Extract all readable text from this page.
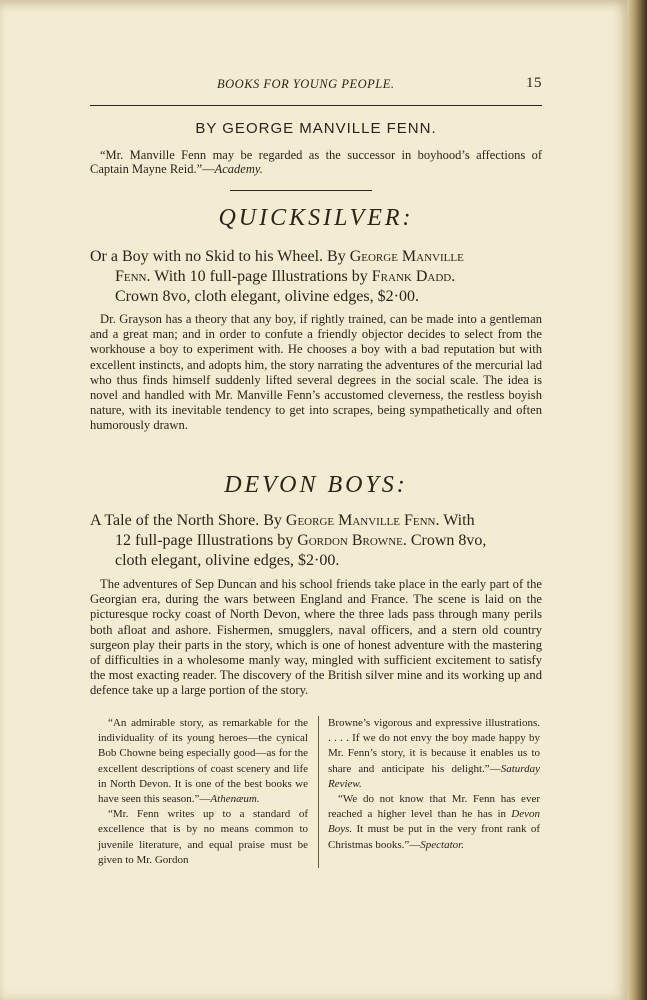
BOOKS FOR YOUNG PEOPLE.	15
BY GEORGE MANVILLE FENN.
“Mr. Manville Fenn may be regarded as the successor in boyhood’s affections of Captain Mayne Reid.”—Academy.
QUICKSILVER:

Or a Boy with no Skid to his Wheel. By George Manville

Fenn. With 10 full-page Illustrations by Frank Dadd.

Crown 8vo, cloth elegant, olivine edges, $2·00.

Dr. Grayson has a theory that any boy, if rightly trained, can be made into a gentleman and a great man; and in order to confute a friendly objector decides to select from the workhouse a boy to experiment with. He chooses a boy with a bad reputation but with excellent instincts, and adopts him, the story narrating the adventures of the mercurial lad who thus finds himself suddenly lifted several degrees in the social scale. The idea is novel and handled with Mr. Manville Fenn’s accustomed cleverness, the restless boyish nature, with its inevitable tendency to get into scrapes, being sympathetically and often humorously drawn.
DEVON BOYS:

A Tale of the North Shore. By George Manville Fenn. With

12 full-page Illustrations by Gordon Browne. Crown 8vo,

cloth elegant, olivine edges, $2·00.

The adventures of Sep Duncan and his school friends take place in the early part of the Georgian era, during the wars between England and France. The scene is laid on the picturesque rocky coast of North Devon, where the three lads pass through many perils both afloat and ashore. Fishermen, smugglers, naval officers, and a stern old country surgeon play their parts in the story, which is one of honest adventure with the mastering of difficulties in a wholesome manly way, mingled with sufficient excitement to satisfy the most exacting reader. The discovery of the British silver mine and its working up and defence take up a large portion of the story.

“An admirable story, as remarkable for the individuality of its young heroes—the cynical Bob Chowne being especially good—as for the excellent descriptions of coast scenery and life in North Devon. It is one of the best books we have seen this season.”—Athenæum.

“Mr. Fenn writes up to a standard of excellence that is by no means common to juvenile literature, and equal praise must be given to Mr. Gordon

Browne’s vigorous and expressive illustrations. . . . . If we do not envy the boy made happy by Mr. Fenn’s story, it is because it enables us to share and anticipate his delight.”—Saturday Review.

“We do not know that Mr. Fenn has ever reached a higher level than he has in Devon Boys. It must be put in the very front rank of Christmas books.”—Spectator.
